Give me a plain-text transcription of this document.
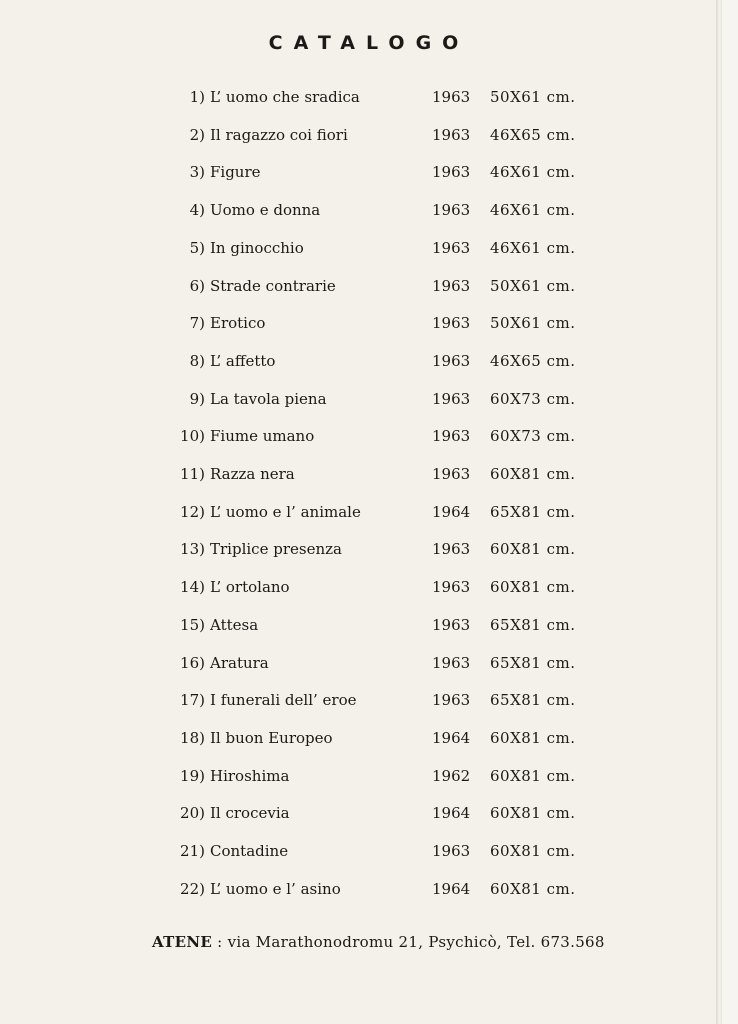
CATALOGO
1) L’ uomo che sradica	1963 50X61 cm.
2) Il ragazzo coi fiori	1963 46X65 cm.
3) Figure	1963 46X61 cm.
4) Uomo e donna	1963 46X61 cm.
5) In ginocchio	1963 46X61 cm.
6) Strade contrarie	1963 50X61 cm.
7) Erotico	1963 50X61 cm.
8) L’ affetto	1963 46X65 cm.
9) La tavola piena	1963 60X73 cm.
10) Fiume umano	1963 60X73 cm.
11) Razza nera	1963 60X81 cm.
12) L’ uomo e l’ animale	1964 65X81 cm.
13) Triplice presenza	1963 60X81 cm.
14) L’ ortolano	1963 60X81 cm.
15) Attesa	1963 65X81 cm.
16) Aratura	1963 65X81 cm.
17) I funerali dell’ eroe	1963 65X81 cm.
18) Il buon Europeo	1964 60X81 cm.
19) Hiroshima	1962 60X81 cm.
20) Il crocevia	1964 60X81 cm.
21) Contadine	1963 60X81 cm.
22) L’ uomo e l’ asino	1964 60X81 cm.
ATENE : via Marathonodromu 21, Psychicò, Tel. 673.568
